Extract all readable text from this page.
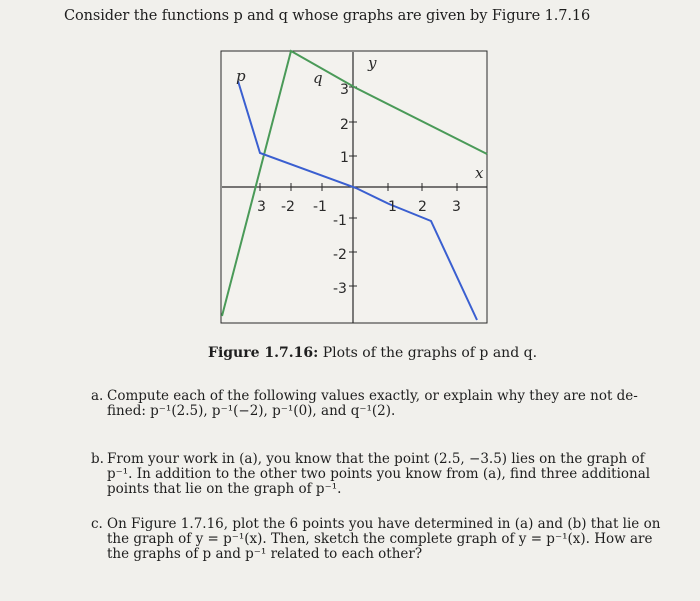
Consider the functions p and q whose graphs are given by Figure 1.7.16
p	q
y
x
3 -2 -1	1 2 3
3
2
1
-1
-2
-3
Figure 1.7.16: Plots of the graphs of p and q.
a. Compute each of the following values exactly, or explain why they are not de-
fined: p⁻¹(2.5), p⁻¹(−2), p⁻¹(0), and q⁻¹(2).
b. From your work in (a), you know that the point (2.5, −3.5) lies on the graph of
p⁻¹. In addition to the other two points you know from (a), find three additional
points that lie on the graph of p⁻¹.
c. On Figure 1.7.16, plot the 6 points you have determined in (a) and (b) that lie on
the graph of y = p⁻¹(x). Then, sketch the complete graph of y = p⁻¹(x). How are
the graphs of p and p⁻¹ related to each other?
